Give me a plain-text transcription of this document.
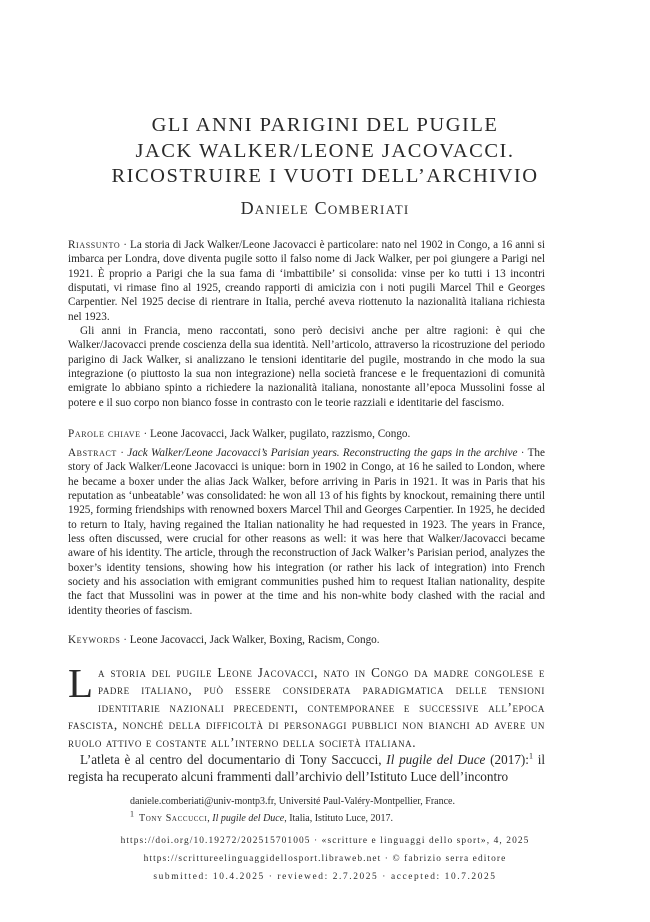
GLI ANNI PARIGINI DEL PUGILE
JACK WALKER/LEONE JACOVACCI.
RICOSTRUIRE I VUOTI DELL’ARCHIVIO
Daniele Comberiati

Riassunto · La storia di Jack Walker/Leone Jacovacci è particolare: nato nel 1902 in Congo, a 16 anni si imbarca per Londra, dove diventa pugile sotto il falso nome di Jack Walker, per poi giungere a Parigi nel 1921. È proprio a Parigi che la sua fama di ‘imbattibile’ si consolida: vinse per ko tutti i 13 incontri disputati, vi rimase fino al 1925, creando rapporti di amicizia con i noti pugili Marcel Thil e Georges Carpentier. Nel 1925 decise di rientrare in Italia, perché aveva riottenuto la nazionalità italiana richiesta nel 1923.

Gli anni in Francia, meno raccontati, sono però decisivi anche per altre ragioni: è qui che Walker/Jacovacci prende coscienza della sua identità. Nell’articolo, attraverso la ricostruzione del periodo parigino di Jack Walker, si analizzano le tensioni identitarie del pugile, mostrando in che modo la sua integrazione (o piuttosto la sua non integrazione) nella società francese e le frequentazioni di comunità emigrate lo abbiano spinto a richiedere la nazionalità italiana, nonostante all’epoca Mussolini fosse al potere e il suo corpo non bianco fosse in contrasto con le teorie razziali e identitarie del fascismo.

Parole chiave · Leone Jacovacci, Jack Walker, pugilato, razzismo, Congo.

Abstract · Jack Walker/Leone Jacovacci’s Parisian years. Reconstructing the gaps in the archive · The story of Jack Walker/Leone Jacovacci is unique: born in 1902 in Congo, at 16 he sailed to London, where he became a boxer under the alias Jack Walker, before arriving in Paris in 1921. It was in Paris that his reputation as ‘unbeatable’ was consolidated: he won all 13 of his fights by knockout, remaining there until 1925, forming friendships with renowned boxers Marcel Thil and Georges Carpentier. In 1925, he decided to return to Italy, having regained the Italian nationality he had requested in 1923. The years in France, less often discussed, were crucial for other reasons as well: it was here that Walker/Jacovacci became aware of his identity. The article, through the reconstruction of Jack Walker’s Parisian period, analyzes the boxer’s identity tensions, showing how his integration (or rather his lack of integration) into French society and his association with emigrant communities pushed him to request Italian nationality, despite the fact that Mussolini was in power at the time and his non-white body clashed with the racial and identity theories of fascism.

Keywords · Leone Jacovacci, Jack Walker, Boxing, Racism, Congo.

La storia del pugile Leone Jacovacci, nato in Congo da madre congolese e padre italiano, può essere considerata paradigmatica delle tensioni identitarie nazionali precedenti, contemporanee e successive all’epoca fascista, nonché della difficoltà di personaggi pubblici non bianchi ad avere un ruolo attivo e costante all’interno della società italiana.

L’atleta è al centro del documentario di Tony Saccucci, Il pugile del Duce (2017):$^1$ il regista ha recuperato alcuni frammenti dall’archivio dell’Istituto Luce dell’incontro

daniele.comberiati@univ-montp3.fr, Université Paul-Valéry-Montpellier, France.
$^1$ Tony Saccucci, Il pugile del Duce, Italia, Istituto Luce, 2017.
https://doi.org/10.19272/202515701005 · «scritture e linguaggi dello sport», 4, 2025
https://scritture​elinguaggidellosport.libraweb.net · © fabrizio serra editore
submitted: 10.4.2025 · reviewed: 2.7.2025 · accepted: 10.7.2025
